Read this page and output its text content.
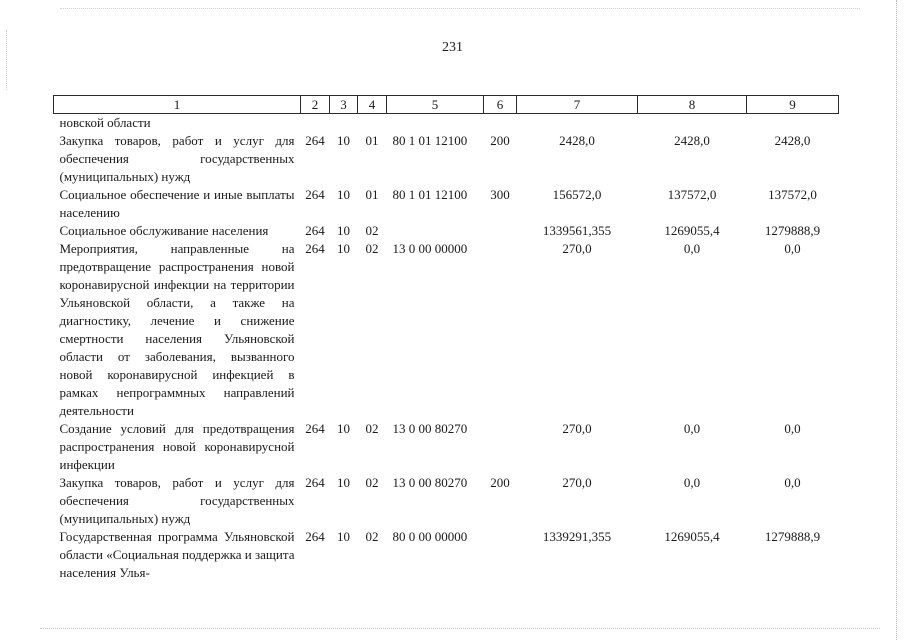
231
1	2	3	4	5	6	7	8	9
новской области								
Закупка товаров, работ и услуг для обеспечения государственных (муниципальных) нужд	264	10	01	80 1 01 12100	200	2428,0	2428,0	2428,0
Социальное обеспечение и иные выплаты населению	264	10	01	80 1 01 12100	300	156572,0	137572,0	137572,0
Социальное обслуживание населения	264	10	02			1339561,355	1269055,4	1279888,9
Мероприятия, направленные на предотвращение распространения новой коронавирусной инфекции на территории Ульяновской области, а также на диагностику, лечение и снижение смертности населения Ульяновской области от заболевания, вызванного новой коронавирусной инфекцией в рамках непрограммных направлений деятельности	264	10	02	13 0 00 00000		270,0	0,0	0,0
Создание условий для предотвращения распространения новой коронавирусной инфекции	264	10	02	13 0 00 80270		270,0	0,0	0,0
Закупка товаров, работ и услуг для обеспечения государственных (муниципальных) нужд	264	10	02	13 0 00 80270	200	270,0	0,0	0,0
Государственная программа Ульяновской области «Социальная поддержка и защита населения Улья-	264	10	02	80 0 00 00000		1339291,355	1269055,4	1279888,9
